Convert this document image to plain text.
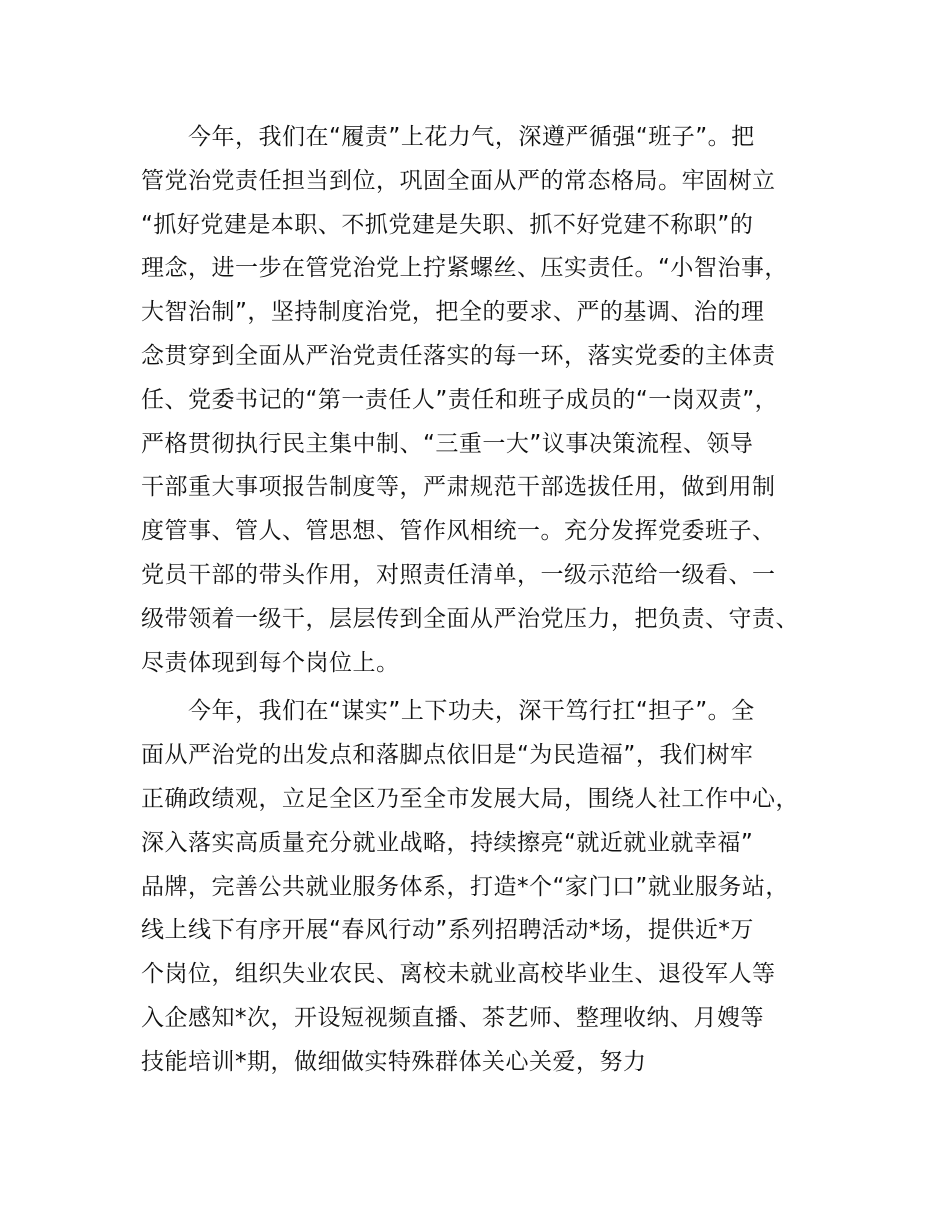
今年，我们在“履责”上花力气，深遵严循强“班子”。把
管党治党责任担当到位，巩固全面从严的常态格局。牢固树立
“抓好党建是本职、不抓党建是失职、抓不好党建不称职”的
理念，进一步在管党治党上拧紧螺丝、压实责任。“小智治事，
大智治制”，坚持制度治党，把全的要求、严的基调、治的理
念贯穿到全面从严治党责任落实的每一环，落实党委的主体责
任、党委书记的“第一责任人”责任和班子成员的“一岗双责”，
严格贯彻执行民主集中制、“三重一大”议事决策流程、领导
干部重大事项报告制度等，严肃规范干部选拔任用，做到用制
度管事、管人、管思想、管作风相统一。充分发挥党委班子、
党员干部的带头作用，对照责任清单，一级示范给一级看、一
级带领着一级干，层层传到全面从严治党压力，把负责、守责、
尽责体现到每个岗位上。
今年，我们在“谋实”上下功夫，深干笃行扛“担子”。全
面从严治党的出发点和落脚点依旧是“为民造福”，我们树牢
正确政绩观，立足全区乃至全市发展大局，围绕人社工作中心，
深入落实高质量充分就业战略，持续擦亮“就近就业就幸福”
品牌，完善公共就业服务体系，打造*个“家门口”就业服务站，
线上线下有序开展“春风行动”系列招聘活动*场，提供近*万
个岗位，组织失业农民、离校未就业高校毕业生、退役军人等
入企感知*次，开设短视频直播、茶艺师、整理收纳、月嫂等
技能培训*期，做细做实特殊群体关心关爱，努力
